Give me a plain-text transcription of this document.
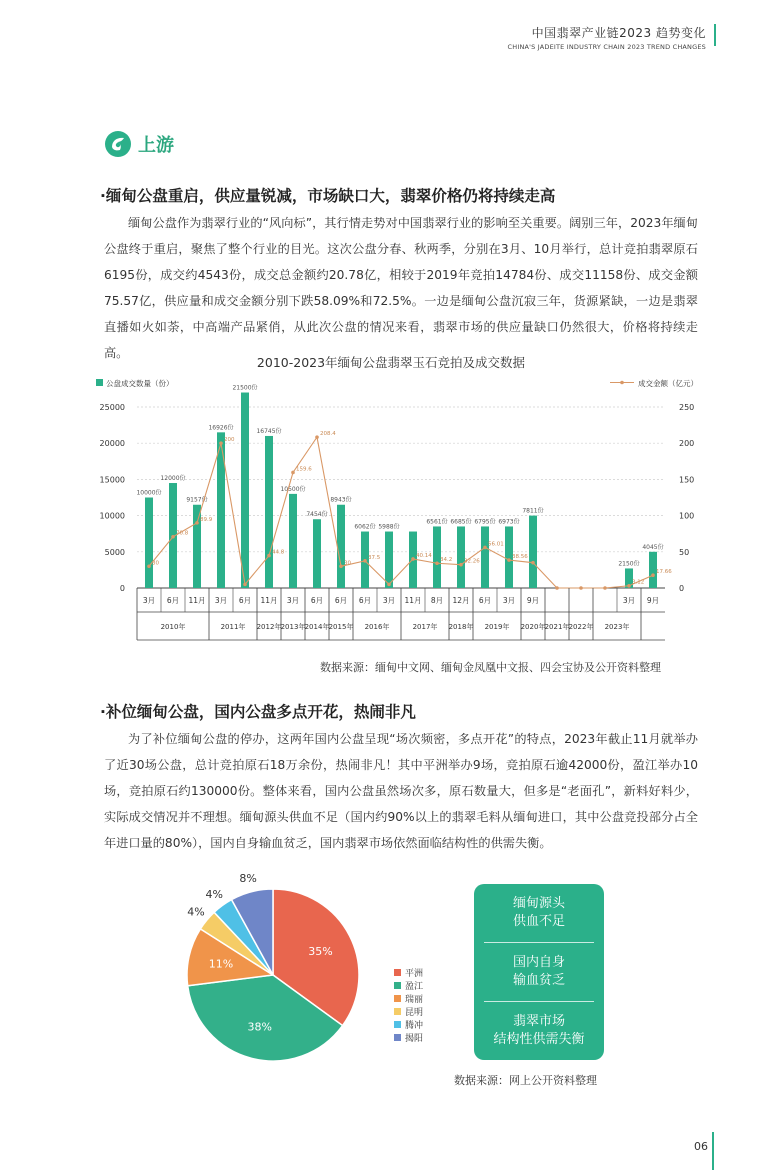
中国翡翠产业链2023 趋势变化
CHINA'S JADEITE INDUSTRY CHAIN 2023 TREND CHANGES
上游
·缅甸公盘重启，供应量锐减，市场缺口大，翡翠价格仍将持续走高
缅甸公盘作为翡翠行业的“风向标”，其行情走势对中国翡翠行业的影响至关重要。阔别三年，2023年缅甸公盘终于重启，聚焦了整个行业的目光。这次公盘分春、秋两季，分别在3月、10月举行，总计竞拍翡翠原石6195份，成交约4543份，成交总金额约20.78亿，相较于2019年竞拍14784份、成交11158份、成交金额75.57亿，供应量和成交金额分别下跌58.09%和72.5%。一边是缅甸公盘沉寂三年，货源紧缺，一边是翡翠直播如火如荼，中高端产品紧俏，从此次公盘的情况来看，翡翠市场的供应量缺口仍然很大，价格将持续走高。
2010-2023年缅甸公盘翡翠玉石竞拍及成交数据
公盘成交数量（份）	成交金额（亿元）
0
5000
10000
15000
20000
25000
0
50
100
150
200
250
10000份
12000份
9157份
16926份
21500份
16745份
10500份
7454份
8943份
6062份 5988份
6561份 6685份 6795份 6973份
7811份
2150份
4045份
30
70.8
89.9
200
44.8
159.6
208.4
30
37.5	40.14
34.2 32.26
56.01
38.56
3.12
17.66
3月 6月 11月 3月 6月 11月 3月 6月 6月 6月 3月 11月 8月 12月 6月 3月 9月	3月 9月
2010年	2011年 2012年 2013年 2014年 2015年 2016年	2017年 2018年 2019年 2020年 2021年 2022年 2023年
数据来源：缅甸中文网、缅甸金凤凰中文报、四会宝协及公开资料整理
·补位缅甸公盘，国内公盘多点开花，热闹非凡
为了补位缅甸公盘的停办，这两年国内公盘呈现“场次频密，多点开花”的特点，2023年截止11月就举办了近30场公盘，总计竞拍原石18万余份，热闹非凡！其中平洲举办9场，竞拍原石逾42000份，盈江举办10场，竞拍原石约130000份。整体来看，国内公盘虽然场次多，原石数量大，但多是“老面孔”，新料好料少，实际成交情况并不理想。缅甸源头供血不足（国内约90%以上的翡翠毛料从缅甸进口，其中公盘竞投部分占全年进口量的80%），国内自身输血贫乏，国内翡翠市场依然面临结构性的供需失衡。
35%
平洲
38%
盈江
11%
瑞丽
4%
昆明
4%
腾冲
8%
揭阳
数据来源：网上公开资料整理
缅甸源头
供血不足
国内自身
输血贫乏
翡翠市场
结构性供需失衡
06
